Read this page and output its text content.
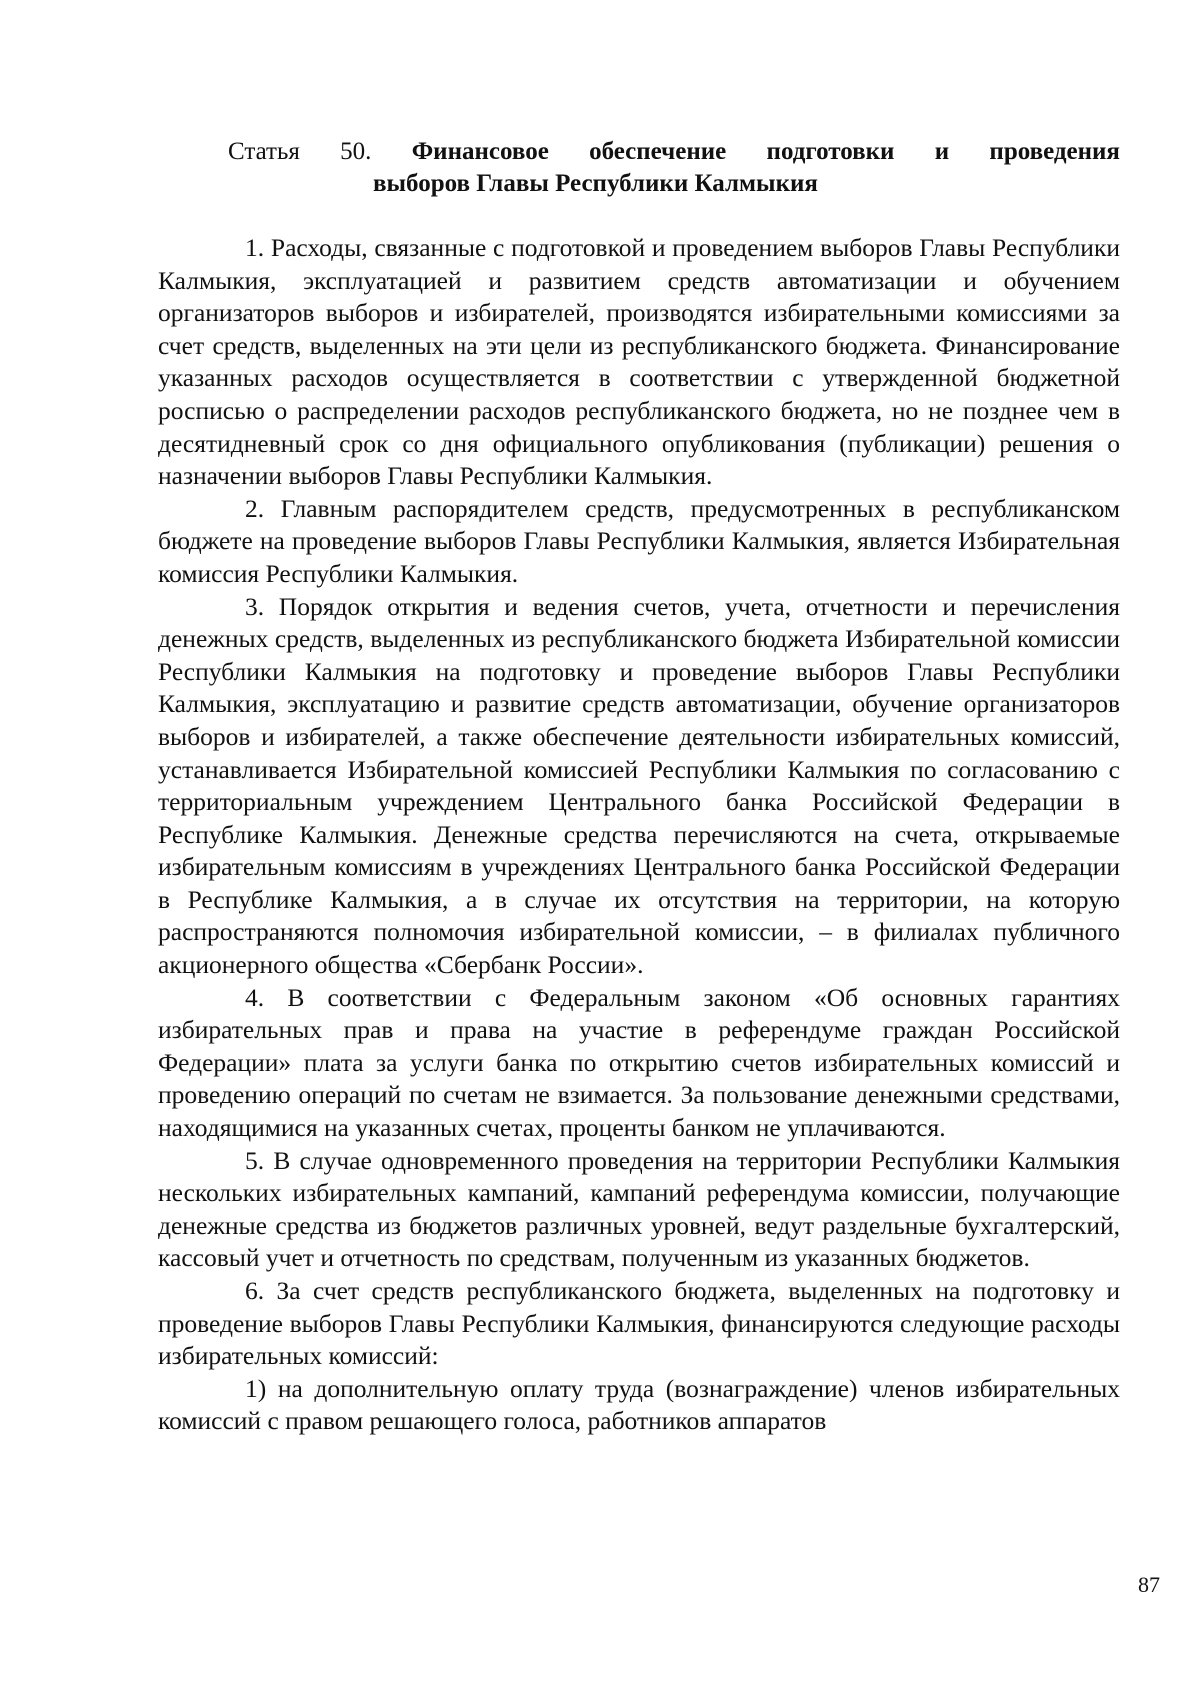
Статья 50. Финансовое обеспечение подготовки и проведения
выборов Главы Республики Калмыкия

1. Расходы, связанные с подготовкой и проведением выборов Главы Республики Калмыкия, эксплуатацией и развитием средств автоматизации и обучением организаторов выборов и избирателей, производятся избирательными комиссиями за счет средств, выделенных на эти цели из республиканского бюджета. Финансирование указанных расходов осуществляется в соответствии с утвержденной бюджетной росписью о распределении расходов республиканского бюджета, но не позднее чем в десятидневный срок со дня официального опубликования (публикации) решения о назначении выборов Главы Республики Калмыкия.

2. Главным распорядителем средств, предусмотренных в республиканском бюджете на проведение выборов Главы Республики Калмыкия, является Избирательная комиссия Республики Калмыкия.

3. Порядок открытия и ведения счетов, учета, отчетности и перечисления денежных средств, выделенных из республиканского бюджета Избирательной комиссии Республики Калмыкия на подготовку и проведение выборов Главы Республики Калмыкия, эксплуатацию и развитие средств автоматизации, обучение организаторов выборов и избирателей, а также обеспечение деятельности избирательных комиссий, устанавливается Избирательной комиссией Республики Калмыкия по согласованию с территориальным учреждением Центрального банка Российской Федерации в Республике Калмыкия. Денежные средства перечисляются на счета, открываемые избирательным комиссиям в учреждениях Центрального банка Российской Федерации в Республике Калмыкия, а в случае их отсутствия на территории, на которую распространяются полномочия избирательной комиссии, – в филиалах публичного акционерного общества «Сбербанк России».

4. В соответствии с Федеральным законом «Об основных гарантиях избирательных прав и права на участие в референдуме граждан Российской Федерации» плата за услуги банка по открытию счетов избирательных комиссий и проведению операций по счетам не взимается. За пользование денежными средствами, находящимися на указанных счетах, проценты банком не уплачиваются.

5. В случае одновременного проведения на территории Республики Калмыкия нескольких избирательных кампаний, кампаний референдума комиссии, получающие денежные средства из бюджетов различных уровней, ведут раздельные бухгалтерский, кассовый учет и отчетность по средствам, полученным из указанных бюджетов.

6. За счет средств республиканского бюджета, выделенных на подготовку и проведение выборов Главы Республики Калмыкия, финансируются следующие расходы избирательных комиссий:

1) на дополнительную оплату труда (вознаграждение) членов избирательных комиссий с правом решающего голоса, работников аппаратов

87
